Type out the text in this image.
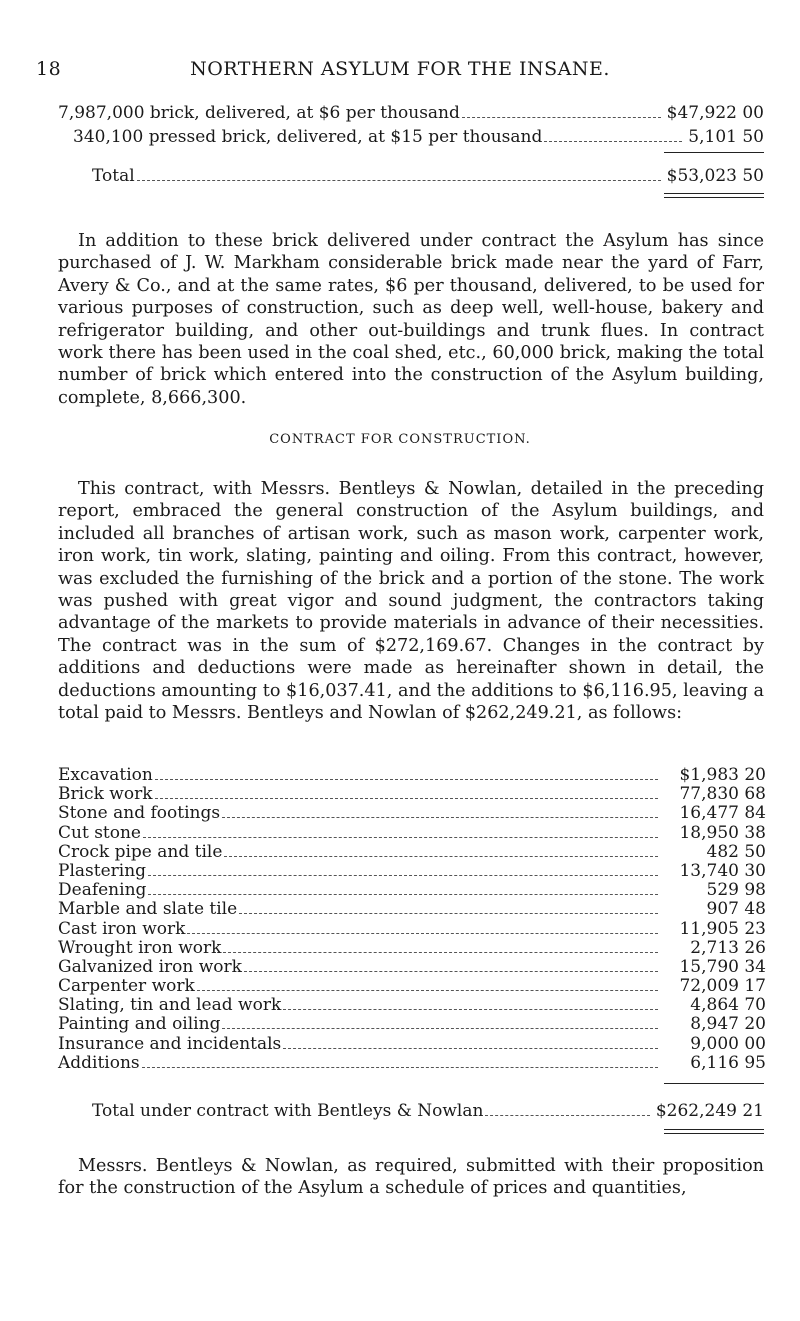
18	NORTHERN ASYLUM FOR THE INSANE.
7,987,000 brick, delivered, at $6 per thousand	$47,922 00
340,100 pressed brick, delivered, at $15 per thousand	5,101 50
Total	$53,023 50

In addition to these brick delivered under contract the Asylum has since purchased of J. W. Markham considerable brick made near the yard of Farr, Avery & Co., and at the same rates, $6 per thousand, delivered, to be used for various purposes of construction, such as deep well, well-house, bakery and refrigerator building, and other out-buildings and trunk flues. In contract work there has been used in the coal shed, etc., 60,000 brick, making the total number of brick which entered into the construction of the Asylum building, complete, 8,666,300.

CONTRACT FOR CONSTRUCTION.

This contract, with Messrs. Bentleys & Nowlan, detailed in the preceding report, embraced the general construction of the Asylum buildings, and included all branches of artisan work, such as mason work, carpenter work, iron work, tin work, slating, painting and oiling. From this contract, however, was excluded the furnishing of the brick and a portion of the stone. The work was pushed with great vigor and sound judgment, the contractors taking advantage of the markets to provide materials in advance of their necessities. The contract was in the sum of $272,169.67. Changes in the contract by additions and deductions were made as hereinafter shown in detail, the deductions amounting to $16,037.41, and the additions to $6,116.95, leaving a total paid to Messrs. Bentleys and Nowlan of $262,249.21, as follows:

Excavation	$1,983 20
Brick work	77,830 68
Stone and footings	16,477 84
Cut stone	18,950 38
Crock pipe and tile	482 50
Plastering	13,740 30
Deafening	529 98
Marble and slate tile	907 48
Cast iron work	11,905 23
Wrought iron work	2,713 26
Galvanized iron work	15,790 34
Carpenter work	72,009 17
Slating, tin and lead work	4,864 70
Painting and oiling	8,947 20
Insurance and incidentals	9,000 00
Additions	6,116 95
Total under contract with Bentleys & Nowlan	$262,249 21

Messrs. Bentleys & Nowlan, as required, submitted with their proposition for the construction of the Asylum a schedule of prices and quantities,
